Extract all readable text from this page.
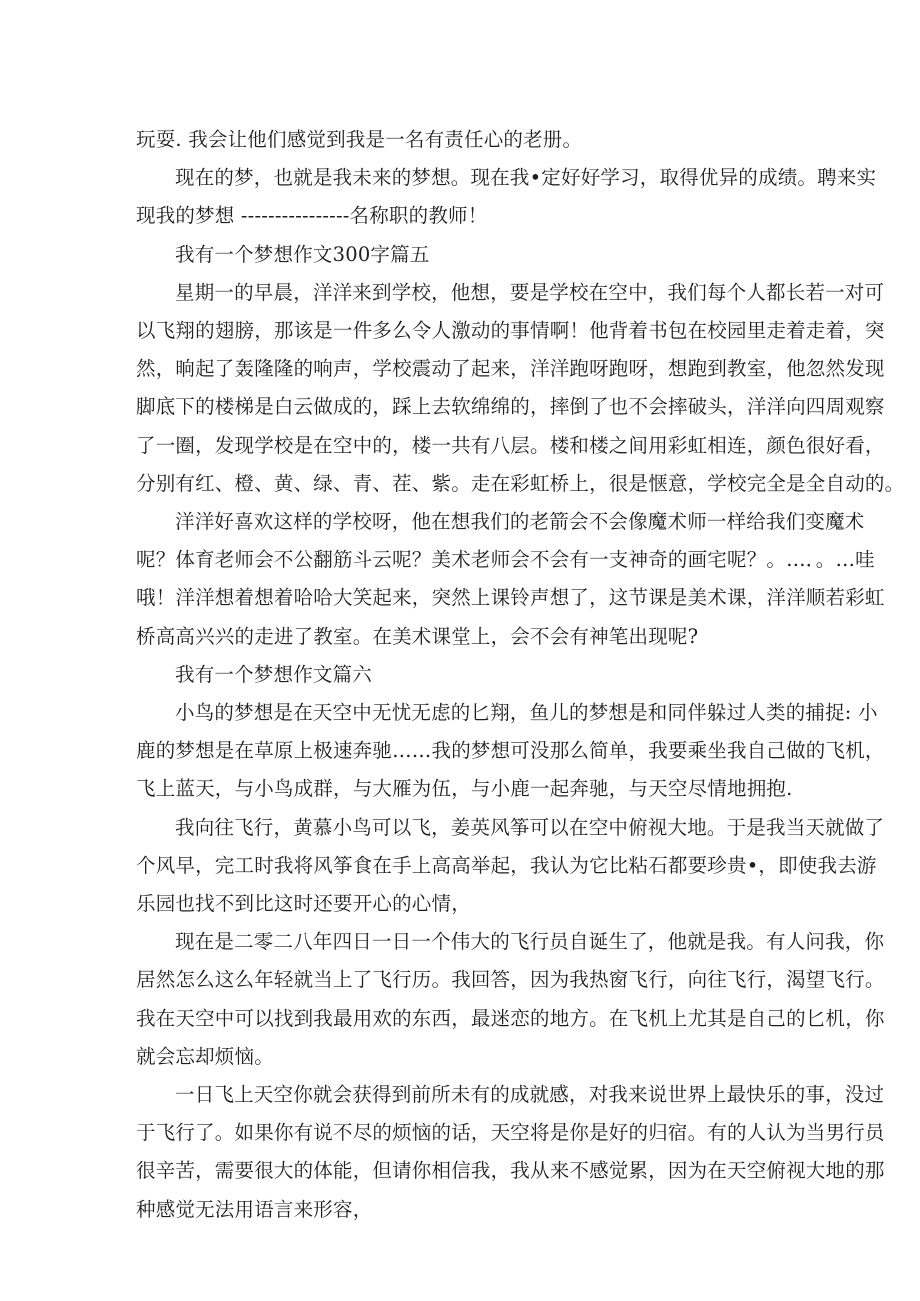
玩耍. 我会让他们感觉到我是一名有责任心的老册。
现在的梦，也就是我未来的梦想。现在我•定好好学习，取得优异的成绩。聘来实
现我的梦想 ----------------名称职的教师！
我有一个梦想作文300字篇五
星期一的早晨，洋洋来到学校，他想，要是学校在空中，我们每个人都长若一对可
以飞翔的翅膀，那该是一件多么令人激动的事情啊！他背着书包在校园里走着走着，突
然，晌起了轰隆隆的响声，学校震动了起来，洋洋跑呀跑呀，想跑到教室，他忽然发现
脚底下的楼梯是白云做成的，踩上去软绵绵的，摔倒了也不会摔破头，洋洋向四周观察
了一圈，发现学校是在空中的，楼一共有八层。楼和楼之间用彩虹相连，颜色很好看，
分别有红、橙、黄、绿、青、茬、紫。走在彩虹桥上，很是惬意，学校完全是全自动的。
洋洋好喜欢这样的学校呀，他在想我们的老箭会不会像魔术师一样给我们变魔术
呢？体育老师会不公翻筋斗云呢？美术老师会不会有一支神奇的画宅呢？。…．。…哇
哦！洋洋想着想着哈哈大笑起来，突然上课铃声想了，这节课是美术课，洋洋顺若彩虹
桥高高兴兴的走进了教室。在美术课堂上，会不会有神笔出现呢?
我有一个梦想作文篇六
小鸟的梦想是在天空中无忧无虑的匕翔，鱼儿的梦想是和同伴躲过人类的捕捉: 小
鹿的梦想是在草原上极速奔驰……我的梦想可没那么简单，我要乘坐我自己做的飞机，
飞上蓝天，与小鸟成群，与大雁为伍，与小鹿一起奔驰，与天空尽情地拥抱.
我向往飞行，黄慕小鸟可以飞，姜英风筝可以在空中俯视大地。于是我当天就做了
个风早，完工时我将风筝食在手上高高举起，我认为它比粘石都要珍贵•，即使我去游
乐园也找不到比这时还要开心的心情，
现在是二零二八年四日一日一个伟大的飞行员自诞生了，他就是我。有人问我，你
居然怎么这么年轻就当上了飞行历。我回答，因为我热窗飞行，向往飞行，渴望飞行。
我在天空中可以找到我最用欢的东西，最迷恋的地方。在飞机上尤其是自己的匕机，你
就会忘却烦恼。
一日飞上天空你就会获得到前所未有的成就感，对我来说世界上最快乐的事，没过
于飞行了。如果你有说不尽的烦恼的话，天空将是你是好的归宿。有的人认为当男行员
很辛苦，需要很大的体能，但请你相信我，我从来不感觉累，因为在天空俯视大地的那
种感觉无法用语言来形容，
